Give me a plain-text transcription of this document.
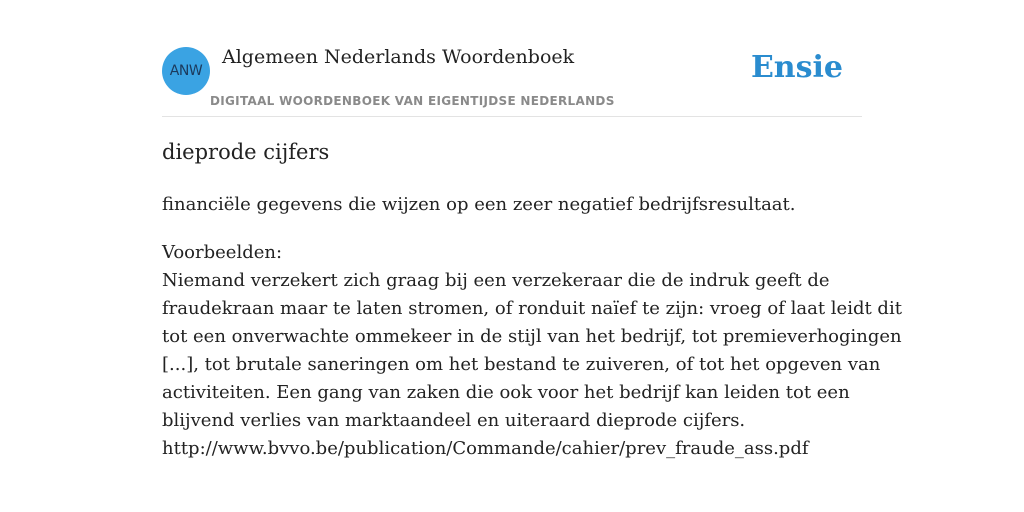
ANW
Algemeen Nederlands Woordenboek
DIGITAAL WOORDENBOEK VAN EIGENTIJDSE NEDERLANDS
Ensie
dieprode cijfers
financiële gegevens die wijzen op een zeer negatief bedrijfsresultaat.
Voorbeelden:
Niemand verzekert zich graag bij een verzekeraar die de indruk geeft de
fraudekraan maar te laten stromen, of ronduit naïef te zijn: vroeg of laat leidt dit
tot een onverwachte ommekeer in de stijl van het bedrijf, tot premieverhogingen
[...], tot brutale saneringen om het bestand te zuiveren, of tot het opgeven van
activiteiten. Een gang van zaken die ook voor het bedrijf kan leiden tot een
blijvend verlies van marktaandeel en uiteraard dieprode cijfers.
http://www.bvvo.be/publication/Commande/cahier/prev_fraude_ass.pdf
